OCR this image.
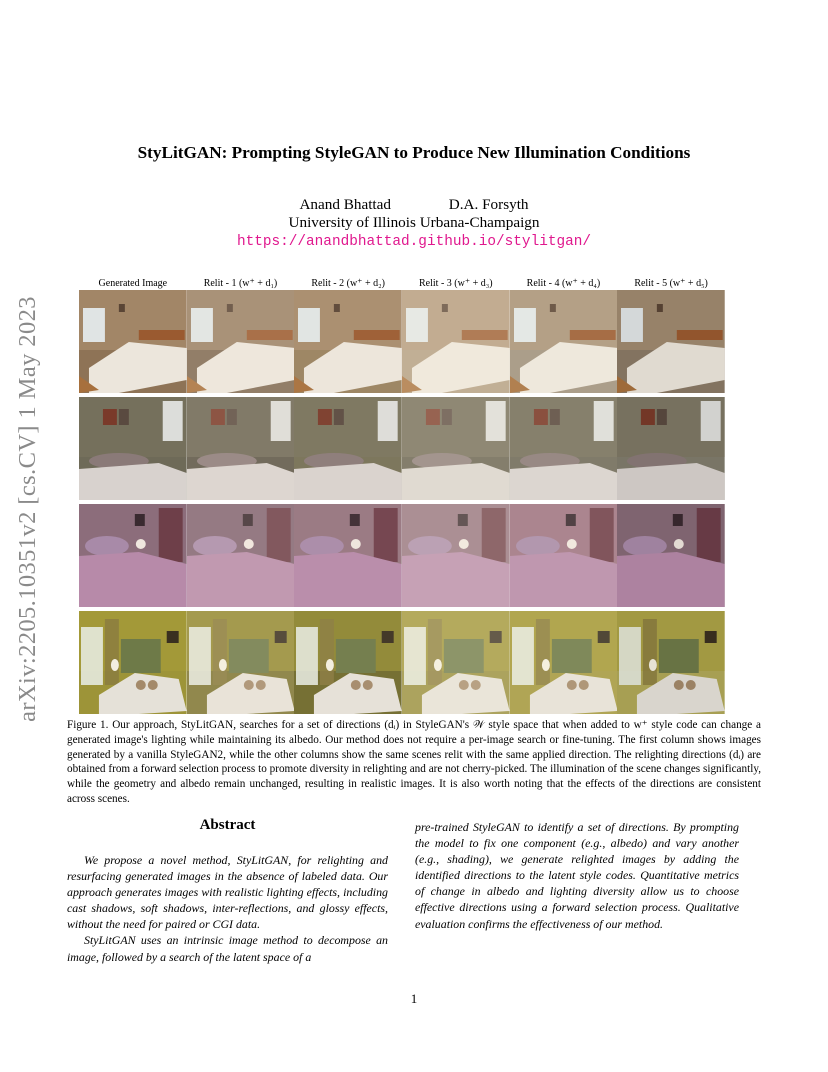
arXiv:2205.10351v2 [cs.CV] 1 May 2023
StyLitGAN: Prompting StyleGAN to Produce New Illumination Conditions
Anand Bhattad	D.A. Forsyth
University of Illinois Urbana-Champaign
https://anandbhattad.github.io/stylitgan/
Generated Image	Relit - 1 (w⁺ + d₁)	Relit - 2 (w⁺ + d₂)	Relit - 3 (w⁺ + d₃)	Relit - 4 (w⁺ + d₄)	Relit - 5 (w⁺ + d₅)
Figure 1. Our approach, StyLitGAN, searches for a set of directions (dᵢ) in StyleGAN's 𝒲 style space that when added to w⁺ style code can change a generated image's lighting while maintaining its albedo. Our method does not require a per-image search or fine-tuning. The first column shows images generated by a vanilla StyleGAN2, while the other columns show the same scenes relit with the same applied direction. The relighting directions (dᵢ) are obtained from a forward selection process to promote diversity in relighting and are not cherry-picked. The illumination of the scene changes significantly, while the geometry and albedo remain unchanged, resulting in realistic images. It is also worth noting that the effects of the directions are consistent across scenes.
Abstract

We propose a novel method, StyLitGAN, for relighting and resurfacing generated images in the absence of labeled data. Our approach generates images with realistic lighting effects, including cast shadows, soft shadows, inter-reflections, and glossy effects, without the need for paired or CGI data.

StyLitGAN uses an intrinsic image method to decompose an image, followed by a search of the latent space of a

pre-trained StyleGAN to identify a set of directions. By prompting the model to fix one component (e.g., albedo) and vary another (e.g., shading), we generate relighted images by adding the identified directions to the latent style codes. Quantitative metrics of change in albedo and lighting diversity allow us to choose effective directions using a forward selection process. Qualitative evaluation confirms the effectiveness of our method.
1
